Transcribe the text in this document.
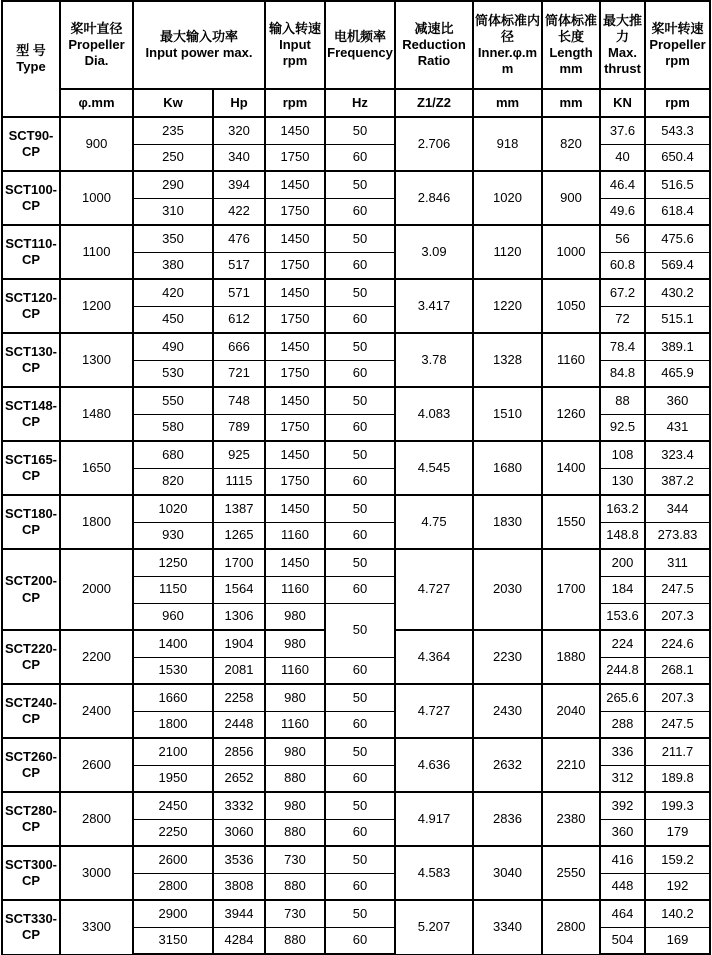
型 号
Type	桨叶直径
Propeller Dia.	最大输入功率
Input power max.		输入转速
Input rpm	电机频率
Frequency	减速比
Reduction Ratio	筒体标准内径
Inner.φ.mm	筒体标准长度
Length mm	最大推力
Max. thrust	桨叶转速
Propeller rpm

	φ.mm	Kw	Hp	rpm	Hz	Z1/Z2	mm	mm	KN	rpm
SCT90-CP	900	235	320	1450	50	2.706	918	820	37.6	543.3
		250	340	1750	60				40	650.4
SCT100-CP	1000	290	394	1450	50	2.846	1020	900	46.4	516.5
		310	422	1750	60				49.6	618.4
SCT110-CP	1100	350	476	1450	50	3.09	1120	1000	56	475.6
		380	517	1750	60				60.8	569.4
SCT120-CP	1200	420	571	1450	50	3.417	1220	1050	67.2	430.2
		450	612	1750	60				72	515.1
SCT130-CP	1300	490	666	1450	50	3.78	1328	1160	78.4	389.1
		530	721	1750	60				84.8	465.9
SCT148-CP	1480	550	748	1450	50	4.083	1510	1260	88	360
		580	789	1750	60				92.5	431
SCT165-CP	1650	680	925	1450	50	4.545	1680	1400	108	323.4
		820	1115	1750	60				130	387.2
SCT180-CP	1800	1020	1387	1450	50	4.75	1830	1550	163.2	344
		930	1265	1160	60				148.8	273.83
SCT200-CP	2000	1250	1700	1450	50	4.727	2030	1700	200	311
		1150	1564	1160	60				184	247.5
		960	1306	980	50				153.6	207.3
SCT220-CP	2200	1400	1904	980		4.364	2230	1880	224	224.6
		1530	2081	1160	60				244.8	268.1
SCT240-CP	2400	1660	2258	980	50	4.727	2430	2040	265.6	207.3
		1800	2448	1160	60				288	247.5
SCT260-CP	2600	2100	2856	980	50	4.636	2632	2210	336	211.7
		1950	2652	880	60				312	189.8
SCT280-CP	2800	2450	3332	980	50	4.917	2836	2380	392	199.3
		2250	3060	880	60				360	179
SCT300-CP	3000	2600	3536	730	50	4.583	3040	2550	416	159.2
		2800	3808	880	60				448	192
SCT330-CP	3300	2900	3944	730	50	5.207	3340	2800	464	140.2
		3150	4284	880	60				504	169
